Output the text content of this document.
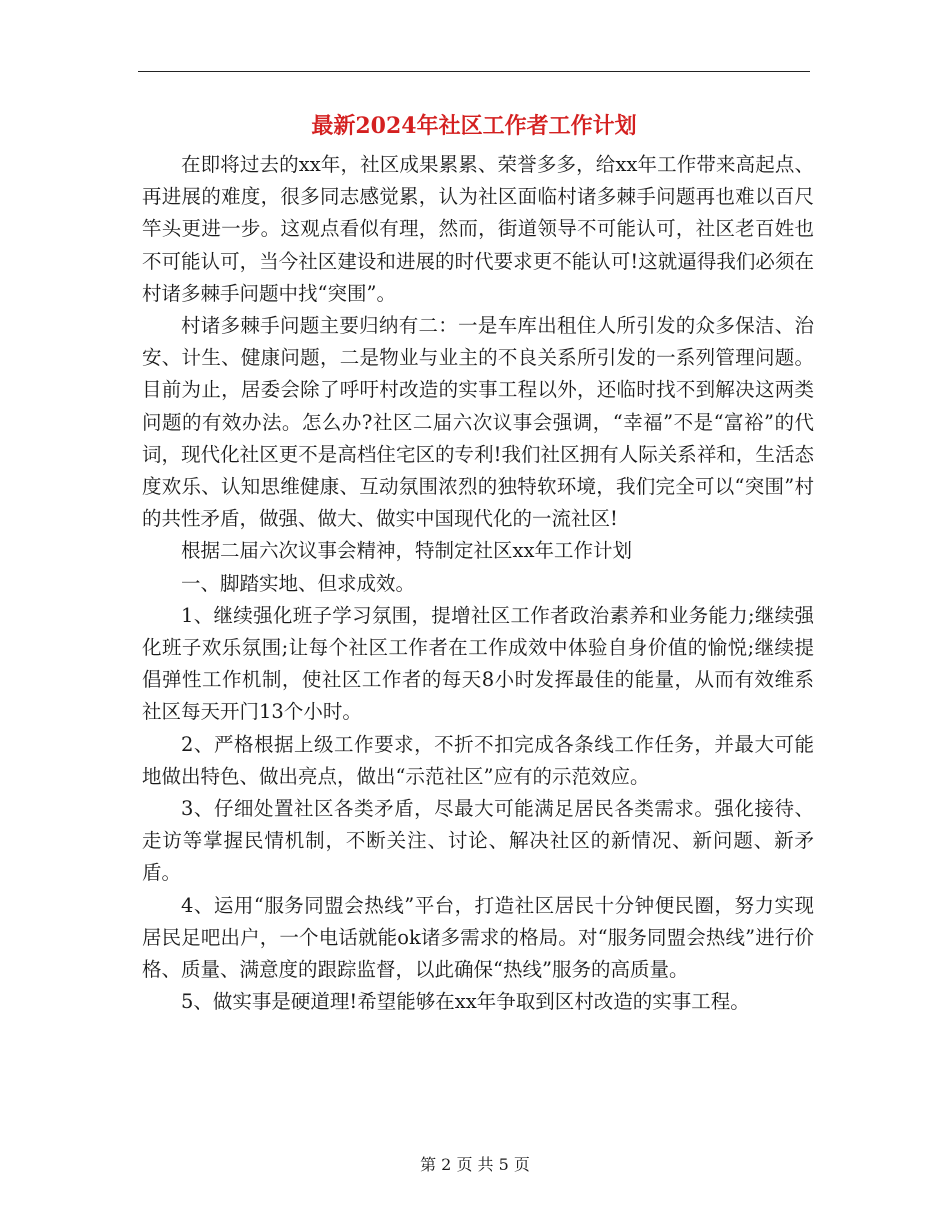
最新2024年社区工作者工作计划

在即将过去的xx年，社区成果累累、荣誉多多，给xx年工作带来高起点、再进展的难度，很多同志感觉累，认为社区面临村诸多棘手问题再也难以百尺竿头更进一步。这观点看似有理，然而，街道领导不可能认可，社区老百姓也不可能认可，当今社区建设和进展的时代要求更不能认可!这就逼得我们必须在村诸多棘手问题中找“突围”。

村诸多棘手问题主要归纳有二：一是车库出租住人所引发的众多保洁、治安、计生、健康问题，二是物业与业主的不良关系所引发的一系列管理问题。目前为止，居委会除了呼吁村改造的实事工程以外，还临时找不到解决这两类问题的有效办法。怎么办?社区二届六次议事会强调，“幸福”不是“富裕”的代词，现代化社区更不是高档住宅区的专利!我们社区拥有人际关系祥和，生活态度欢乐、认知思维健康、互动氛围浓烈的独特软环境，我们完全可以“突围”村的共性矛盾，做强、做大、做实中国现代化的一流社区!

根据二届六次议事会精神，特制定社区xx年工作计划

一、脚踏实地、但求成效。

1、继续强化班子学习氛围，提增社区工作者政治素养和业务能力;继续强化班子欢乐氛围;让每个社区工作者在工作成效中体验自身价值的愉悦;继续提倡弹性工作机制，使社区工作者的每天8小时发挥最佳的能量，从而有效维系社区每天开门13个小时。

2、严格根据上级工作要求，不折不扣完成各条线工作任务，并最大可能地做出特色、做出亮点，做出“示范社区”应有的示范效应。

3、仔细处置社区各类矛盾，尽最大可能满足居民各类需求。强化接待、走访等掌握民情机制，不断关注、讨论、解决社区的新情况、新问题、新矛盾。

4、运用“服务同盟会热线”平台，打造社区居民十分钟便民圈，努力实现居民足吧出户，一个电话就能ok诸多需求的格局。对“服务同盟会热线”进行价格、质量、满意度的跟踪监督，以此确保“热线”服务的高质量。

5、做实事是硬道理!希望能够在xx年争取到区村改造的实事工程。

第 2 页 共 5 页
